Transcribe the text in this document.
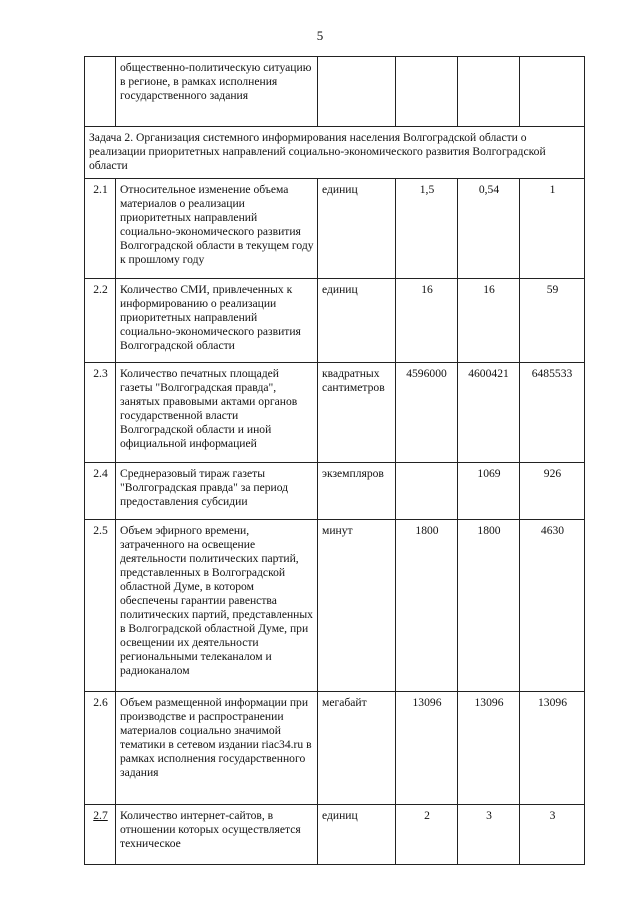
5
	общественно-политическую ситуацию в регионе, в рамках исполнения государственного задания				
Задача 2. Организация системного информирования населения Волгоградской области о реализации приоритетных направлений социально-экономического развития Волгоградской области					
2.1	Относительное изменение объема материалов о реализации приоритетных направлений социально-экономического развития Волгоградской области в текущем году к прошлому году	единиц	1,5	0,54	1
2.2	Количество СМИ, привлеченных к информированию о реализации приоритетных направлений социально-экономического развития Волгоградской области	единиц	16	16	59
2.3	Количество печатных площадей газеты "Волгоградская правда", занятых правовыми актами органов государственной власти Волгоградской области и иной официальной информацией	квадратных сантиметров	4596000	4600421	6485533
2.4	Среднеразовый тираж газеты "Волгоградская правда" за период предоставления субсидии	экземпляров		1069	926
2.5	Объем эфирного времени, затраченного на освещение деятельности политических партий, представленных в Волгоградской областной Думе, в котором обеспечены гарантии равенства политических партий, представленных в Волгоградской областной Думе, при освещении их деятельности региональными телеканалом и радиоканалом	минут	1800	1800	4630
2.6	Объем размещенной информации при производстве и распространении материалов социально значимой тематики в сетевом издании riac34.ru в рамках исполнения государственного задания	мегабайт	13096	13096	13096
2.7	Количество интернет-сайтов, в отношении которых осуществляется техническое	единиц	2	3	3
